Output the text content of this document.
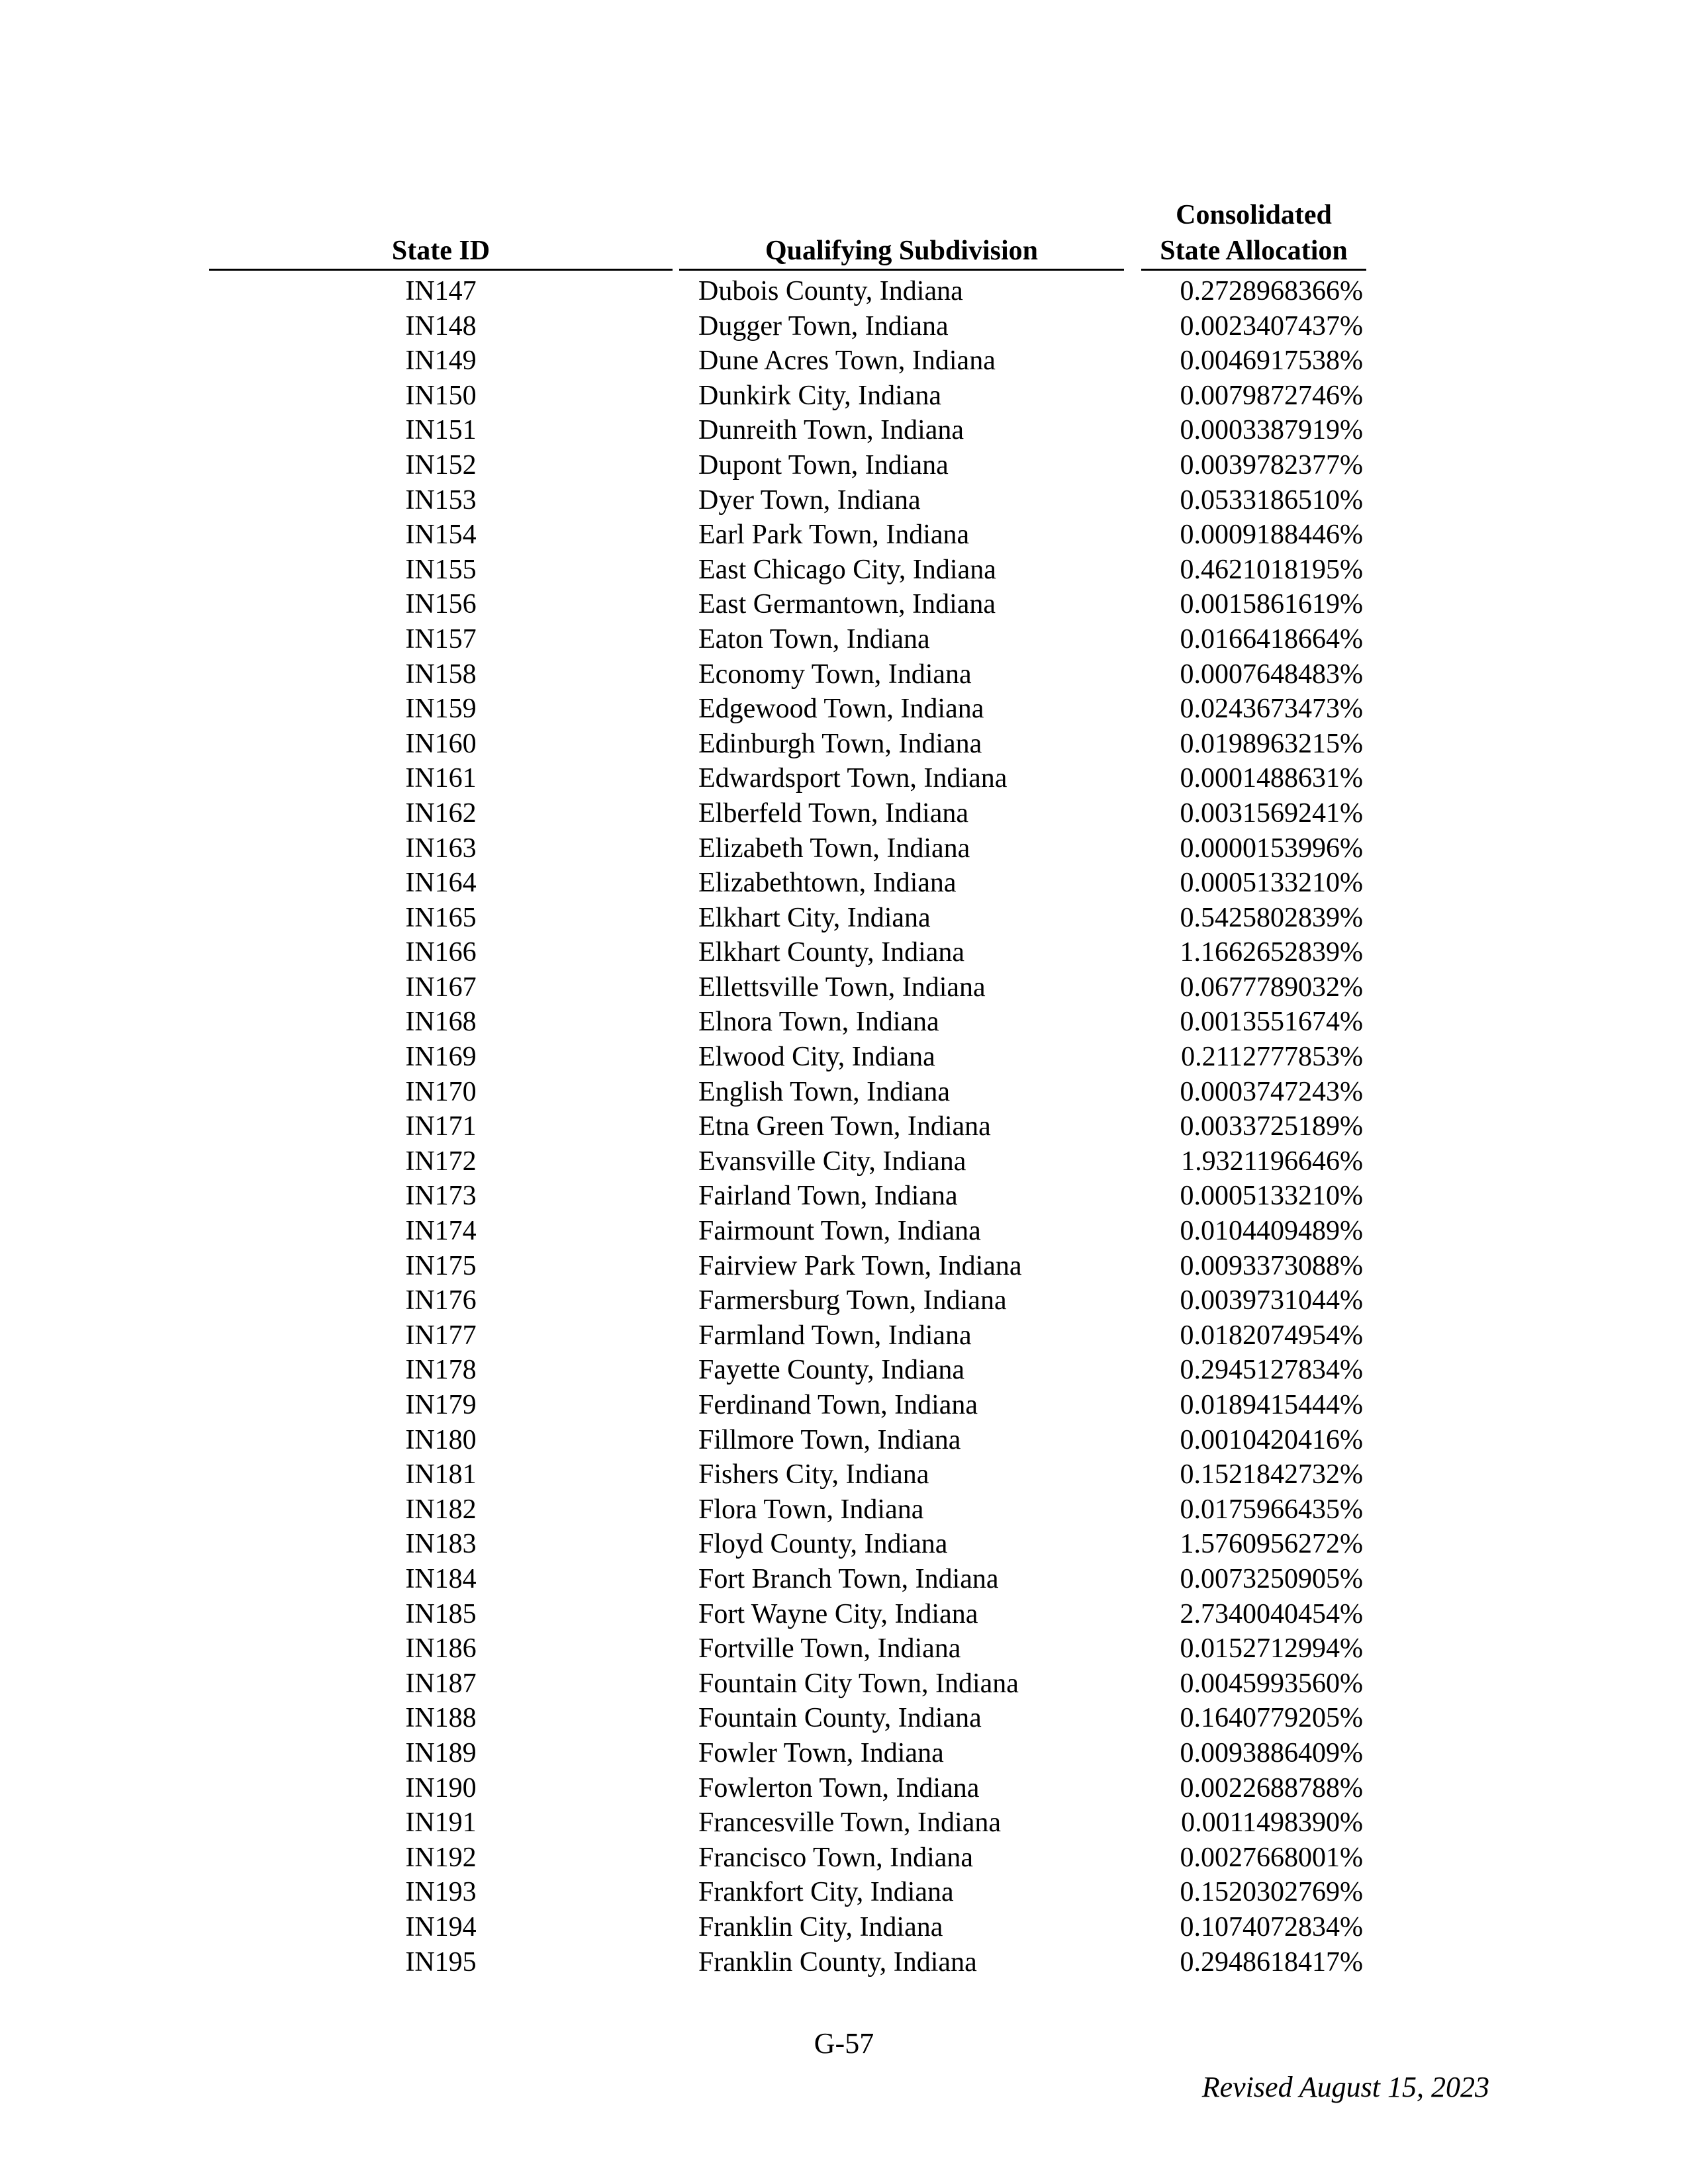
State ID	Qualifying Subdivision
Consolidated
State Allocation
IN147	Dubois County, Indiana	0.2728968366%
IN148	Dugger Town, Indiana	0.0023407437%
IN149	Dune Acres Town, Indiana	0.0046917538%
IN150	Dunkirk City, Indiana	0.0079872746%
IN151	Dunreith Town, Indiana	0.0003387919%
IN152	Dupont Town, Indiana	0.0039782377%
IN153	Dyer Town, Indiana	0.0533186510%
IN154	Earl Park Town, Indiana	0.0009188446%
IN155	East Chicago City, Indiana	0.4621018195%
IN156	East Germantown, Indiana	0.0015861619%
IN157	Eaton Town, Indiana	0.0166418664%
IN158	Economy Town, Indiana	0.0007648483%
IN159	Edgewood Town, Indiana	0.0243673473%
IN160	Edinburgh Town, Indiana	0.0198963215%
IN161	Edwardsport Town, Indiana	0.0001488631%
IN162	Elberfeld Town, Indiana	0.0031569241%
IN163	Elizabeth Town, Indiana	0.0000153996%
IN164	Elizabethtown, Indiana	0.0005133210%
IN165	Elkhart City, Indiana	0.5425802839%
IN166	Elkhart County, Indiana	1.1662652839%
IN167	Ellettsville Town, Indiana	0.0677789032%
IN168	Elnora Town, Indiana	0.0013551674%
IN169	Elwood City, Indiana	0.2112777853%
IN170	English Town, Indiana	0.0003747243%
IN171	Etna Green Town, Indiana	0.0033725189%
IN172	Evansville City, Indiana	1.9321196646%
IN173	Fairland Town, Indiana	0.0005133210%
IN174	Fairmount Town, Indiana	0.0104409489%
IN175	Fairview Park Town, Indiana	0.0093373088%
IN176	Farmersburg Town, Indiana	0.0039731044%
IN177	Farmland Town, Indiana	0.0182074954%
IN178	Fayette County, Indiana	0.2945127834%
IN179	Ferdinand Town, Indiana	0.0189415444%
IN180	Fillmore Town, Indiana	0.0010420416%
IN181	Fishers City, Indiana	0.1521842732%
IN182	Flora Town, Indiana	0.0175966435%
IN183	Floyd County, Indiana	1.5760956272%
IN184	Fort Branch Town, Indiana	0.0073250905%
IN185	Fort Wayne City, Indiana	2.7340040454%
IN186	Fortville Town, Indiana	0.0152712994%
IN187	Fountain City Town, Indiana	0.0045993560%
IN188	Fountain County, Indiana	0.1640779205%
IN189	Fowler Town, Indiana	0.0093886409%
IN190	Fowlerton Town, Indiana	0.0022688788%
IN191	Francesville Town, Indiana	0.0011498390%
IN192	Francisco Town, Indiana	0.0027668001%
IN193	Frankfort City, Indiana	0.1520302769%
IN194	Franklin City, Indiana	0.1074072834%
IN195	Franklin County, Indiana	0.2948618417%
G-57
Revised August 15, 2023
